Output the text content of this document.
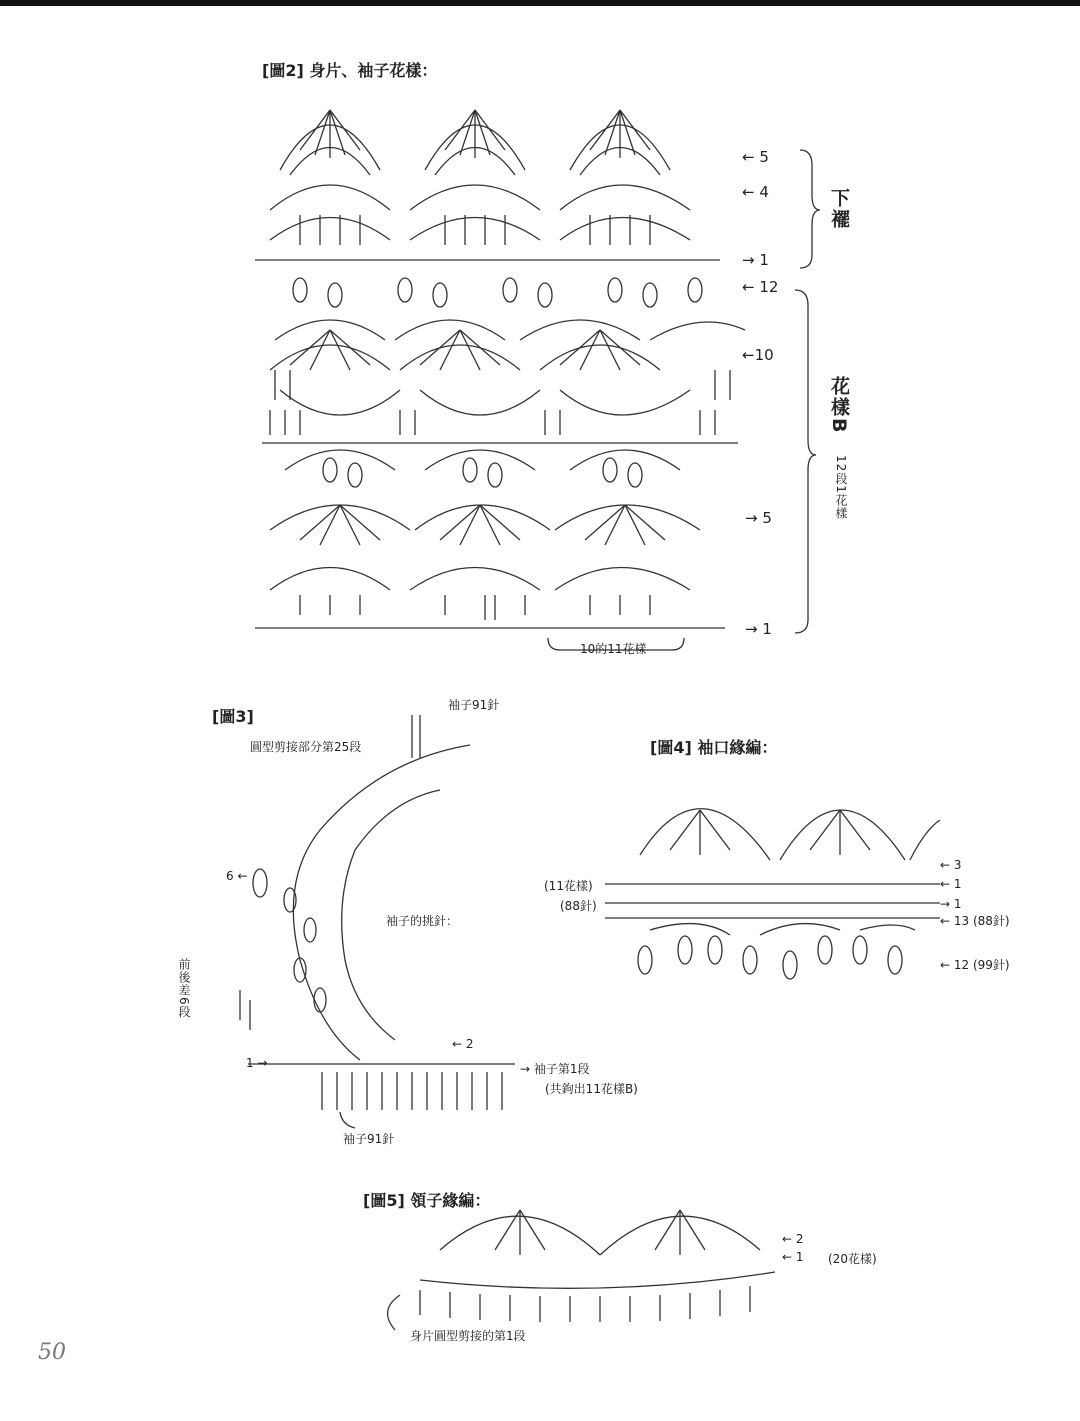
[圖2] 身片、袖子花樣：
← 5
← 4
→ 1
← 12
←10
→ 5
→ 1
下襬
花樣B
12段1花樣
10的11花樣
[圖3]
袖子91針
圓型剪接部分第25段
袖子的挑針：
前後差6段
6 ←
← 2
1 →	→ 袖子第1段
(共鉤出11花樣B)
袖子91針
[圖4] 袖口緣編：
← 3
(11花樣)	← 1
(88針)	→ 1
← 13 (88針)
← 12 (99針)
[圖5] 領子緣編：
← 2
← 1 (20花樣)
身片圓型剪接的第1段
50
